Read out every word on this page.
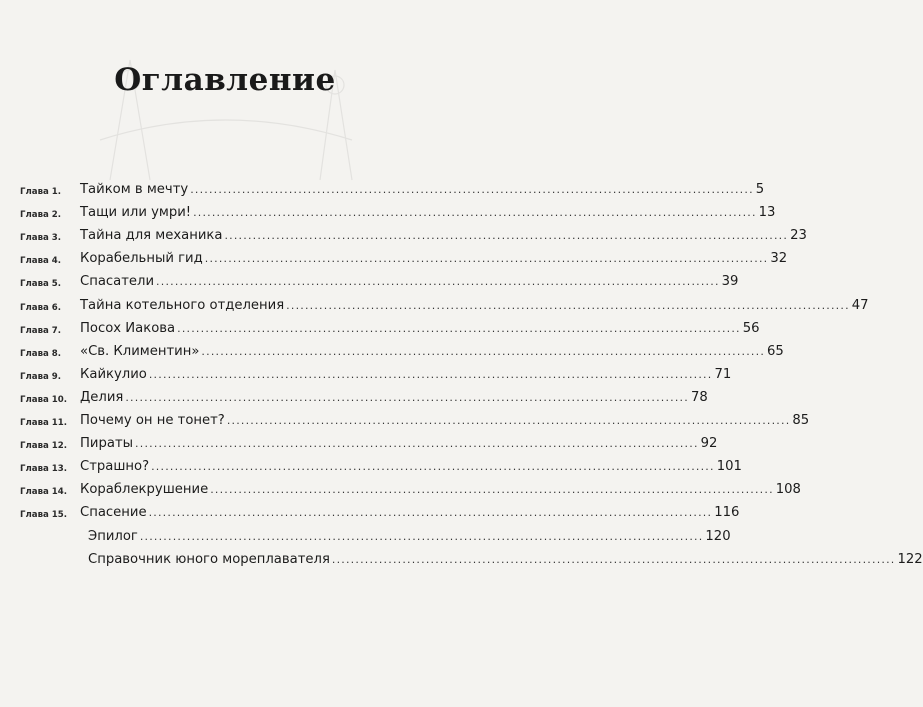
Оглавление
Глава 1.	Тайком в мечту ........................................................................................................................ 5
Глава 2.	Тащи или умри! ........................................................................................................................ 13
Глава 3.	Тайна для механика ........................................................................................................................ 23
Глава 4.	Корабельный гид ........................................................................................................................ 32
Глава 5.	Спасатели ........................................................................................................................ 39
Глава 6.	Тайна котельного отделения ........................................................................................................................ 47
Глава 7.	Посох Иакова ........................................................................................................................ 56
Глава 8.	«Св. Климентин» ........................................................................................................................ 65
Глава 9.	Кайкулио ........................................................................................................................ 71
Глава 10. Делия ........................................................................................................................ 78
Глава 11. Почему он не тонет? ........................................................................................................................ 85
Глава 12. Пираты ........................................................................................................................ 92
Глава 13. Страшно? ........................................................................................................................ 101
Глава 14. Кораблекрушение ........................................................................................................................ 108
Глава 15. Спасение ........................................................................................................................ 116
Эпилог ........................................................................................................................ 120
Справочник юного мореплавателя ........................................................................................................................ 122
